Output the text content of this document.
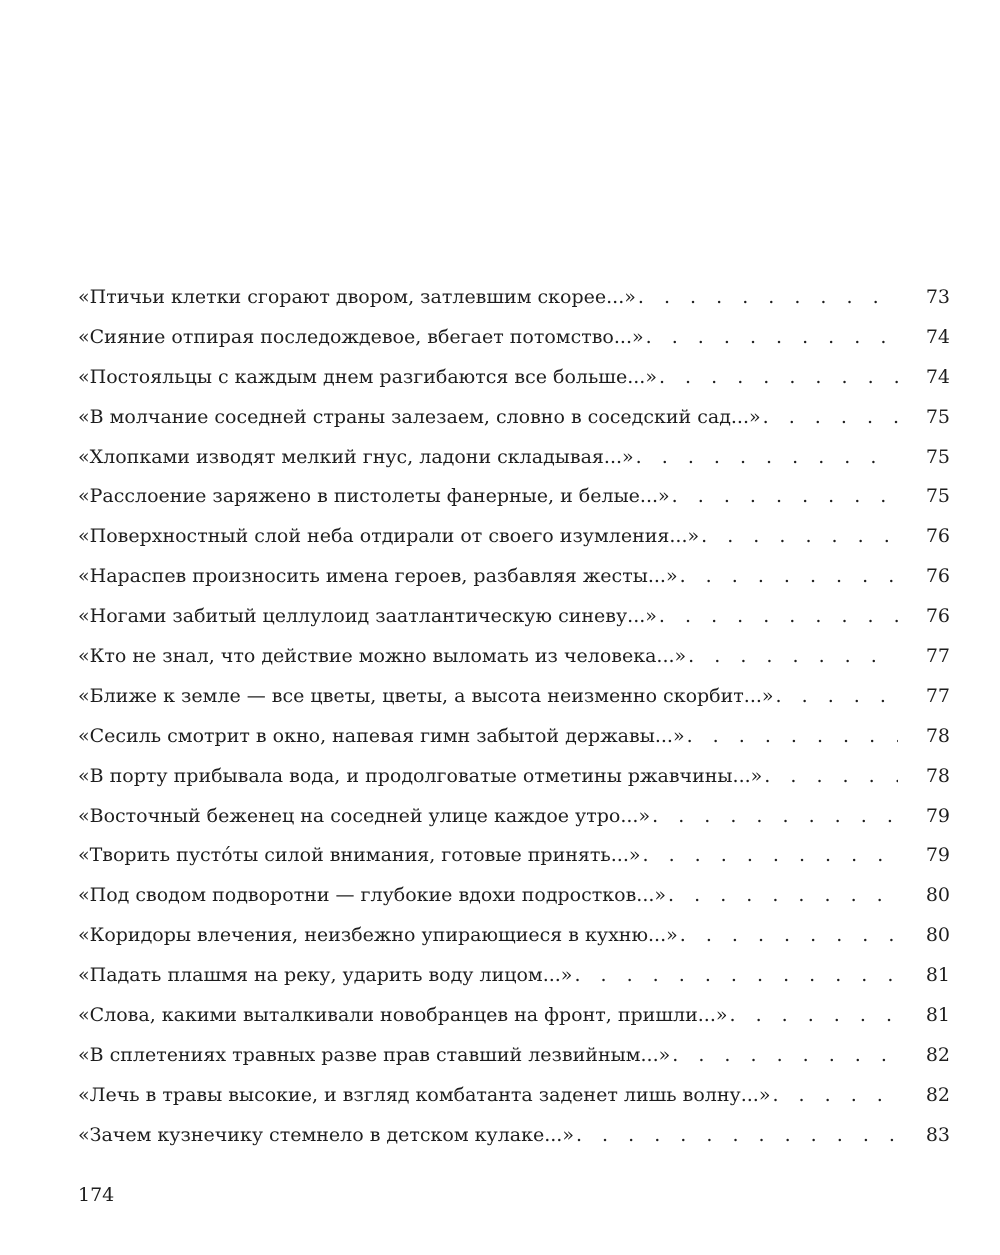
«Птичьи клетки сгорают двором, затлевшим скорее...» . . .	73
«Сияние отпирая последождевое, вбегает потомство...» . . .	74
«Постояльцы с каждым днем разгибаются все больше...» . . .	74
«В молчание соседней страны залезаем, словно в соседский сад...» . . .	75
«Хлопками изводят мелкий гнус, ладони складывая...» . . .	75
«Расслоение заряжено в пистолеты фанерные, и белые...» . . .	75
«Поверхностный слой неба отдирали от своего изумления...» . . .	76
«Нараспев произносить имена героев, разбавляя жесты...» . . .	76
«Ногами забитый целлулоид заатлантическую синеву...» . . .	76
«Кто не знал, что действие можно выломать из человека...» . . .	77
«Ближе к земле — все цветы, цветы, а высота неизменно скорбит...» . . .	77
«Сесиль смотрит в окно, напевая гимн забытой державы...» . . .	78
«В порту прибывала вода, и продолговатые отметины ржавчины...» . . .	78
«Восточный беженец на соседней улице каждое утро...» . . .	79
«Творить пустóты силой внимания, готовые принять...» . . .	79
«Под сводом подворотни — глубокие вдохи подростков...» . . .	80
«Коридоры влечения, неизбежно упирающиеся в кухню...» . . .	80
«Падать плашмя на реку, ударить воду лицом...» . . .	81
«Слова, какими выталкивали новобранцев на фронт, пришли...» . . .	81
«В сплетениях травных разве прав ставший лезвийным...» . . .	82
«Лечь в травы высокие, и взгляд комбатанта заденет лишь волну...» . . .	82
«Зачем кузнечику стемнело в детском кулаке...» . . .	83
174
